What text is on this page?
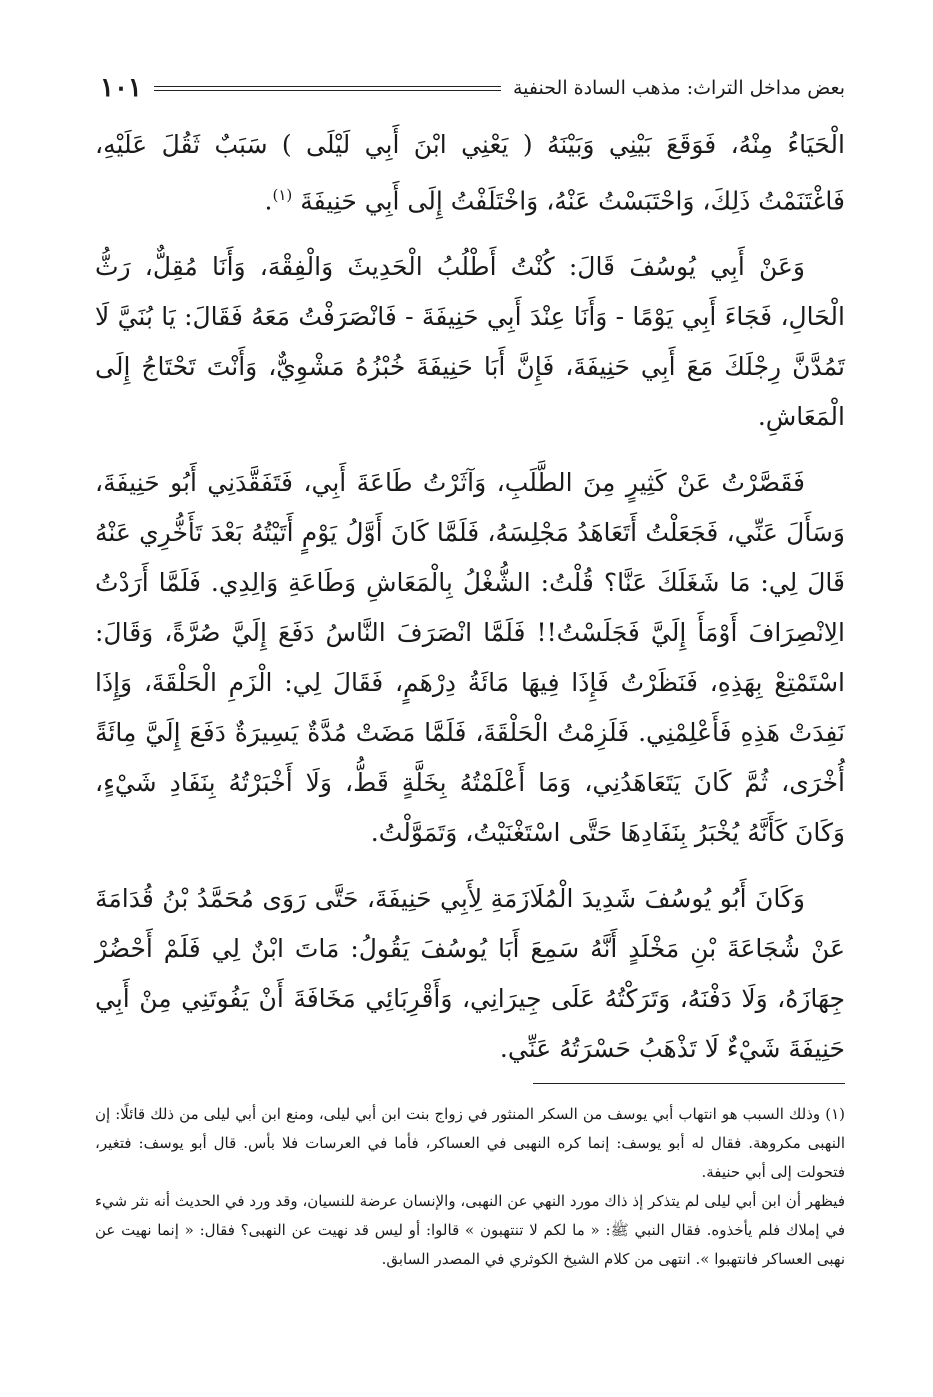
بعض مداخل التراث: مذهب السادة الحنفية
١٠١

الْحَيَاءُ مِنْهُ، فَوَقَعَ بَيْنِي وَبَيْنَهُ ( يَعْنِي ابْنَ أَبِي لَيْلَى ) سَبَبٌ ثَقُلَ عَلَيْهِ، فَاغْتَنَمْتُ ذَلِكَ، وَاحْتَبَسْتُ عَنْهُ، وَاخْتَلَفْتُ إِلَى أَبِي حَنِيفَةَ $^{(١)}$.

وَعَنْ أَبِي يُوسُفَ قَالَ: كُنْتُ أَطْلُبُ الْحَدِيثَ وَالْفِقْهَ، وَأَنَا مُقِلٌّ، رَثُّ الْحَالِ، فَجَاءَ أَبِي يَوْمًا - وَأَنَا عِنْدَ أَبِي حَنِيفَةَ - فَانْصَرَفْتُ مَعَهُ فَقَالَ: يَا بُنَيَّ لَا تَمُدَّنَّ رِجْلَكَ مَعَ أَبِي حَنِيفَةَ، فَإِنَّ أَبَا حَنِيفَةَ خُبْزُهُ مَشْوِيٌّ، وَأَنْتَ تَحْتَاجُ إِلَى الْمَعَاشِ.

فَقَصَّرْتُ عَنْ كَثِيرٍ مِنَ الطَّلَبِ، وَآثَرْتُ طَاعَةَ أَبِي، فَتَفَقَّدَنِي أَبُو حَنِيفَةَ، وَسَأَلَ عَنِّي، فَجَعَلْتُ أَتَعَاهَدُ مَجْلِسَهُ، فَلَمَّا كَانَ أَوَّلُ يَوْمٍ أَتَيْتُهُ بَعْدَ تَأَخُّرِي عَنْهُ قَالَ لِي: مَا شَغَلَكَ عَنَّا؟ قُلْتُ: الشُّغْلُ بِالْمَعَاشِ وَطَاعَةِ وَالِدِي. فَلَمَّا أَرَدْتُ الِانْصِرَافَ أَوْمَأَ إِلَيَّ فَجَلَسْتُ!! فَلَمَّا انْصَرَفَ النَّاسُ دَفَعَ إِلَيَّ صُرَّةً، وَقَالَ: اسْتَمْتِعْ بِهَذِهِ، فَنَظَرْتُ فَإِذَا فِيهَا مَائَةُ دِرْهَمٍ، فَقَالَ لِي: الْزَمِ الْحَلْقَةَ، وَإِذَا نَفِدَتْ هَذِهِ فَأَعْلِمْنِي. فَلَزِمْتُ الْحَلْقَةَ، فَلَمَّا مَضَتْ مُدَّةٌ يَسِيرَةٌ دَفَعَ إِلَيَّ مِائَةً أُخْرَى، ثُمَّ كَانَ يَتَعَاهَدُنِي، وَمَا أَعْلَمْتُهُ بِخَلَّةٍ قَطُّ، وَلَا أَخْبَرْتُهُ بِنَفَادِ شَيْءٍ، وَكَانَ كَأَنَّهُ يُخْبَرُ بِنَفَادِهَا حَتَّى اسْتَغْنَيْتُ، وَتَمَوَّلْتُ.

وَكَانَ أَبُو يُوسُفَ شَدِيدَ الْمُلَازَمَةِ لِأَبِي حَنِيفَةَ، حَتَّى رَوَى مُحَمَّدُ بْنُ قُدَامَةَ عَنْ شُجَاعَةَ بْنِ مَخْلَدٍ أَنَّهُ سَمِعَ أَبَا يُوسُفَ يَقُولُ: مَاتَ ابْنٌ لِي فَلَمْ أَحْضُرْ جِهَازَهُ، وَلَا دَفْنَهُ، وَتَرَكْتُهُ عَلَى جِيرَانِي، وَأَقْرِبَائِي مَخَافَةَ أَنْ يَفُوتَنِي مِنْ أَبِي حَنِيفَةَ شَيْءٌ لَا تَذْهَبُ حَسْرَتُهُ عَنِّي.

(١) وذلك السبب هو انتهاب أبي يوسف من السكر المنثور في زواج بنت ابن أبي ليلى، ومنع ابن أبي ليلى من ذلك قائلًا: إن النهبى مكروهة. فقال له أبو يوسف: إنما كره النهبى في العساكر، فأما في العرسات فلا بأس. قال أبو يوسف: فتغير، فتحولت إلى أبي حنيفة.

فيظهر أن ابن أبي ليلى لم يتذكر إذ ذاك مورد النهي عن النهبى، والإنسان عرضة للنسيان، وقد ورد في الحديث أنه نثر شيء في إملاك فلم يأخذوه. فقال النبي ﷺ: « ما لكم لا تنتهبون » قالوا: أو ليس قد نهيت عن النهبى؟ فقال: « إنما نهيت عن نهبى العساكر فانتهبوا ». انتهى من كلام الشيخ الكوثري في المصدر السابق.
